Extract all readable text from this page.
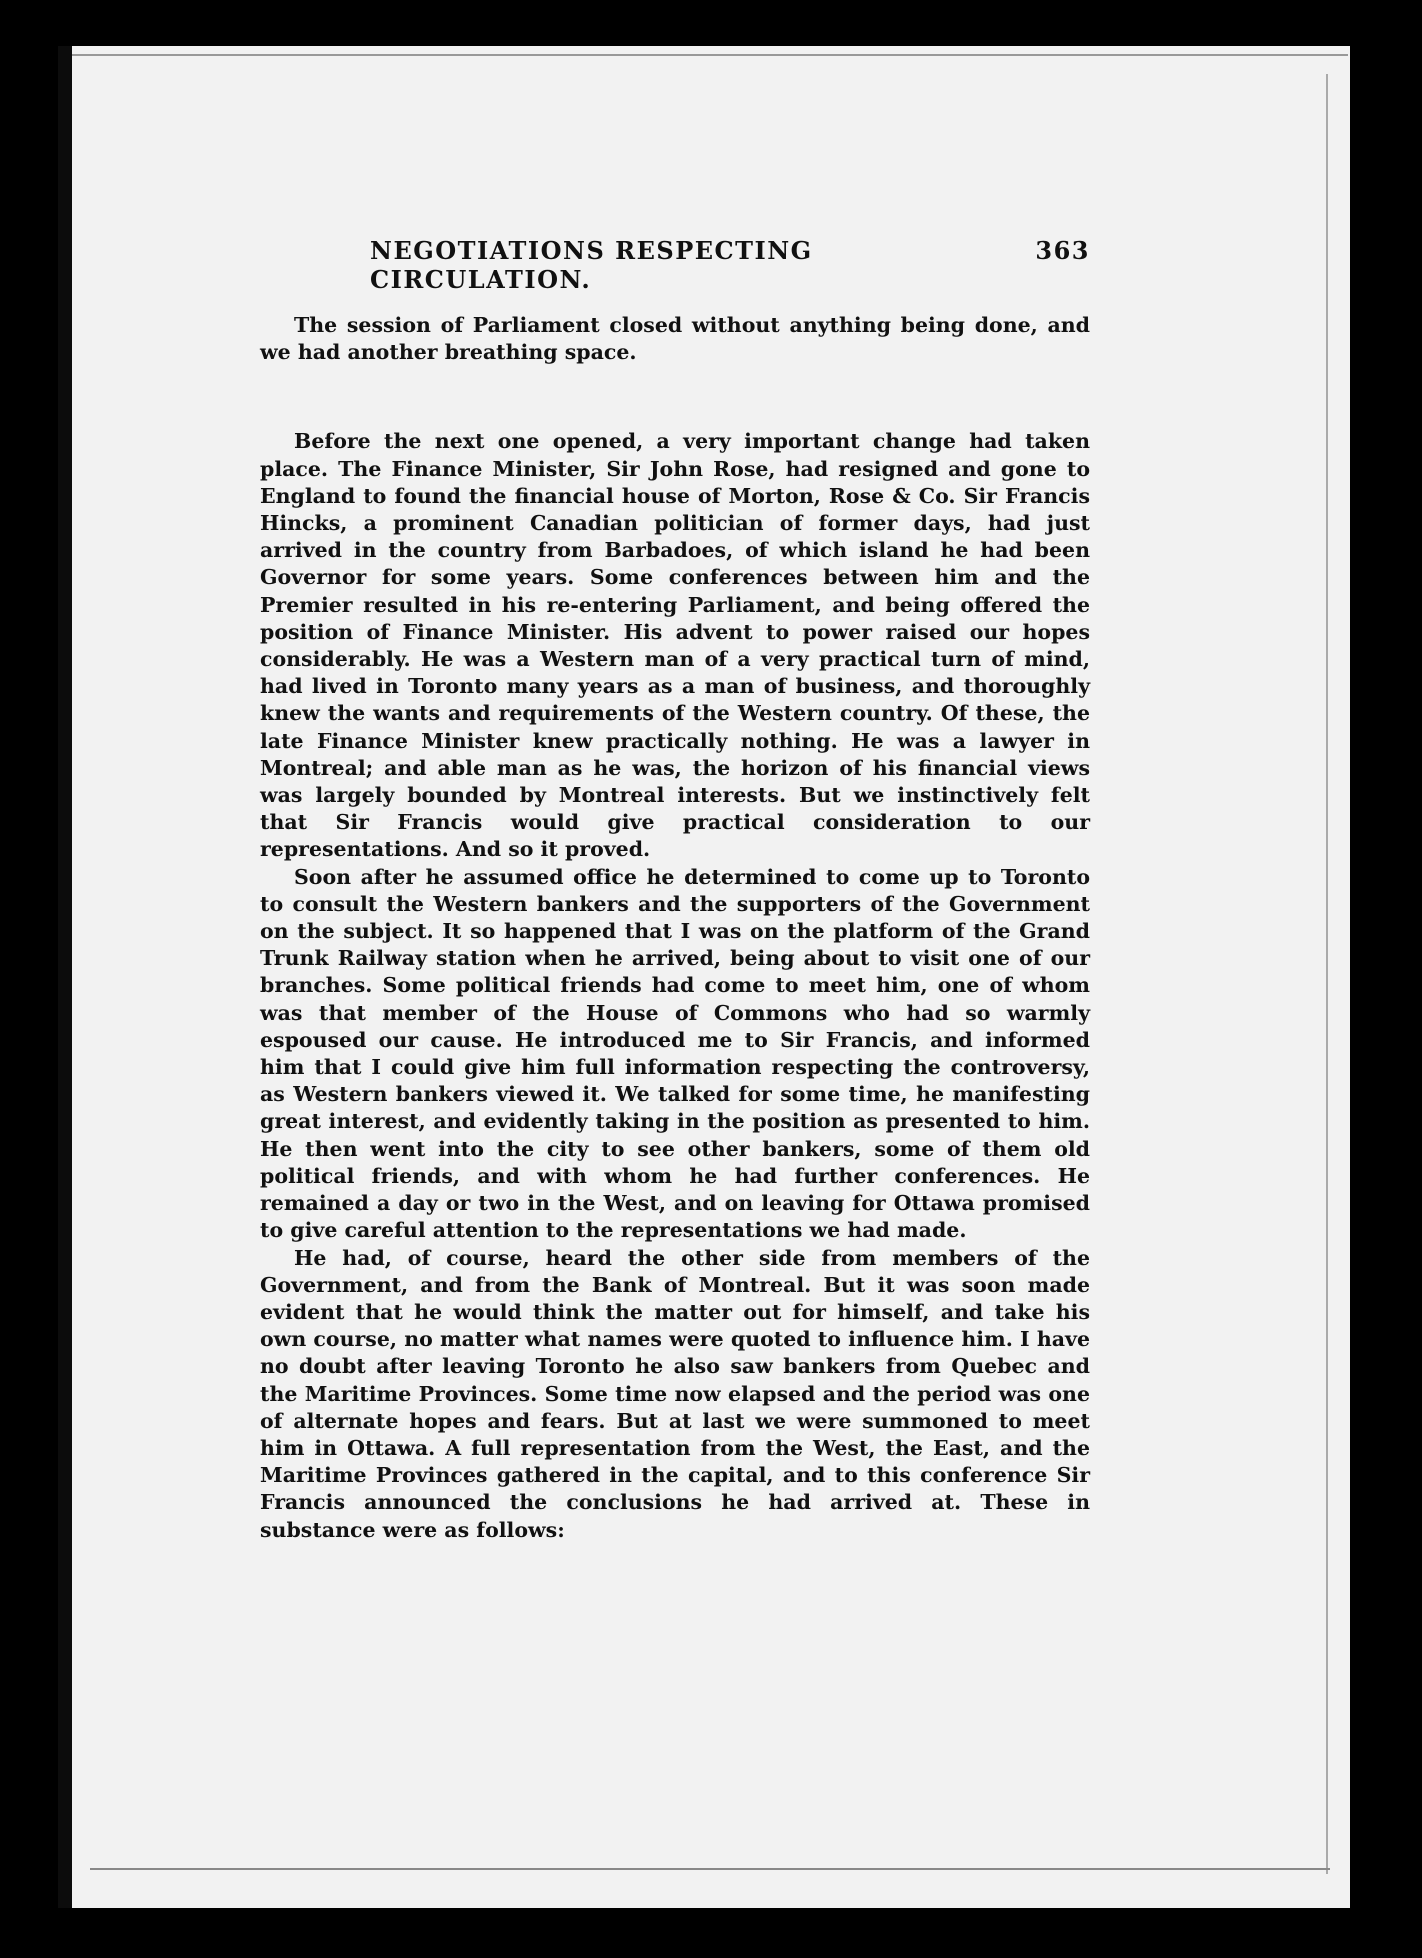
NEGOTIATIONS RESPECTING CIRCULATION.
363

The session of Parliament closed without anything being done, and we had another breathing space.

Before the next one opened, a very important change had taken place. The Finance Minister, Sir John Rose, had resigned and gone to England to found the financial house of Morton, Rose & Co. Sir Francis Hincks, a prominent Canadian politician of former days, had just arrived in the country from Barbadoes, of which island he had been Governor for some years. Some conferences between him and the Premier resulted in his re-entering Parliament, and being offered the position of Finance Minister. His advent to power raised our hopes considerably. He was a Western man of a very practical turn of mind, had lived in Toronto many years as a man of business, and thoroughly knew the wants and requirements of the Western country. Of these, the late Finance Minister knew practically nothing. He was a lawyer in Montreal; and able man as he was, the horizon of his financial views was largely bounded by Montreal interests. But we instinctively felt that Sir Francis would give practical consideration to our representations. And so it proved.

Soon after he assumed office he determined to come up to Toronto to consult the Western bankers and the supporters of the Government on the subject. It so happened that I was on the platform of the Grand Trunk Railway station when he arrived, being about to visit one of our branches. Some political friends had come to meet him, one of whom was that member of the House of Commons who had so warmly espoused our cause. He introduced me to Sir Francis, and informed him that I could give him full information respecting the controversy, as Western bankers viewed it. We talked for some time, he manifesting great interest, and evidently taking in the position as presented to him. He then went into the city to see other bankers, some of them old political friends, and with whom he had further conferences. He remained a day or two in the West, and on leaving for Ottawa promised to give careful attention to the representations we had made.

He had, of course, heard the other side from members of the Government, and from the Bank of Montreal. But it was soon made evident that he would think the matter out for himself, and take his own course, no matter what names were quoted to influence him. I have no doubt after leaving Toronto he also saw bankers from Quebec and the Maritime Provinces. Some time now elapsed and the period was one of alternate hopes and fears. But at last we were summoned to meet him in Ottawa. A full representation from the West, the East, and the Maritime Provinces gathered in the capital, and to this conference Sir Francis announced the conclusions he had arrived at. These in substance were as follows:
